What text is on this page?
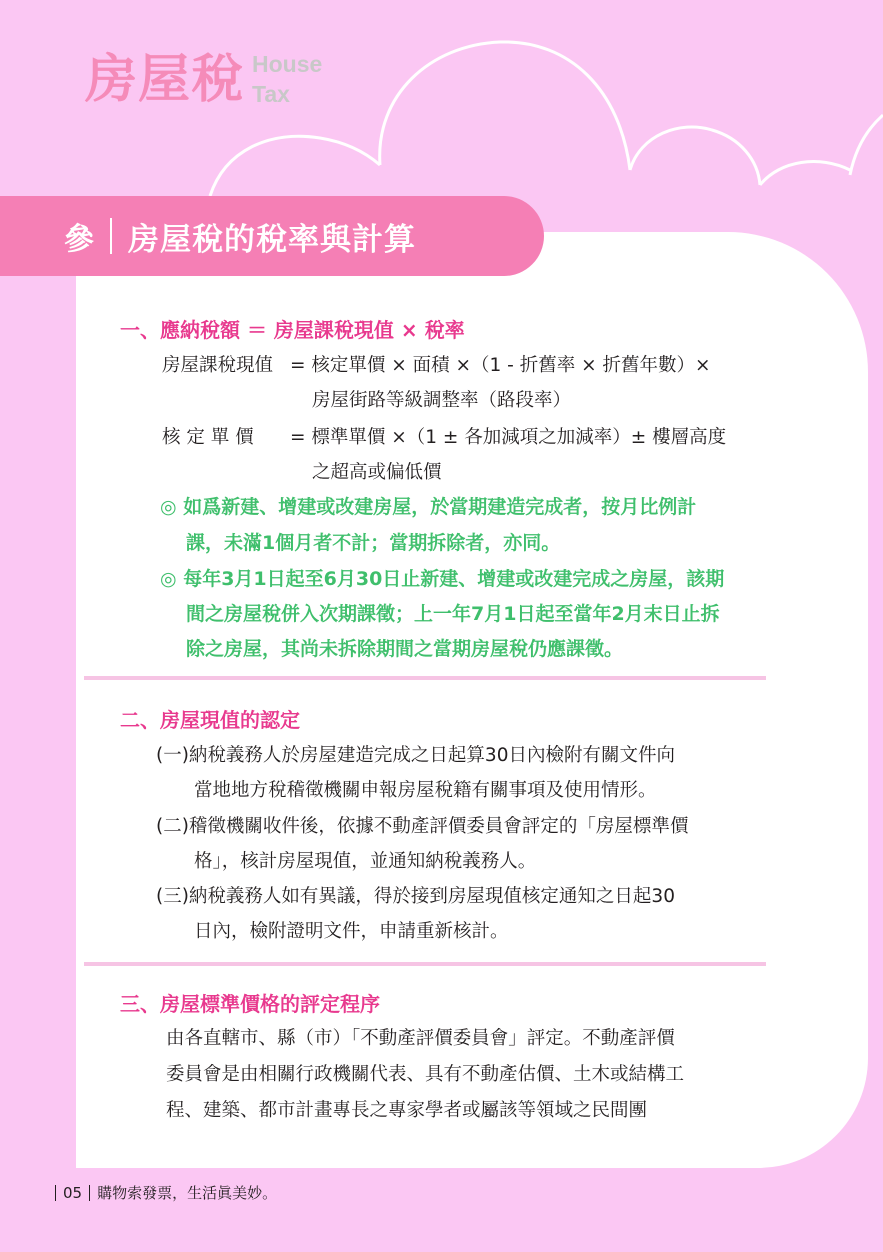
房屋稅 House
Tax
參 房屋稅的稅率與計算
一、應納稅額 ＝ 房屋課稅現值 × 稅率
房屋課稅現值 = 核定單價 × 面積 ×（1 - 折舊率 × 折舊年數）×
房屋街路等級調整率（路段率）
核 定 單 價 = 標準單價 ×（1 ± 各加減項之加減率）± 樓層高度
之超高或偏低價
◎ 如爲新建、增建或改建房屋，於當期建造完成者，按月比例計
課，未滿1個月者不計；當期拆除者，亦同。
◎ 每年3月1日起至6月30日止新建、增建或改建完成之房屋，該期
間之房屋稅併入次期課徵；上一年7月1日起至當年2月末日止拆
除之房屋，其尚未拆除期間之當期房屋稅仍應課徵。
二、房屋現值的認定
(一)納稅義務人於房屋建造完成之日起算30日內檢附有關文件向
當地地方稅稽徵機關申報房屋稅籍有關事項及使用情形。
(二)稽徵機關收件後，依據不動產評價委員會評定的「房屋標準價
格」，核計房屋現值，並通知納稅義務人。
(三)納稅義務人如有異議，得於接到房屋現值核定通知之日起30
日內，檢附證明文件，申請重新核計。
三、房屋標準價格的評定程序
由各直轄市、縣（市）「不動產評價委員會」評定。不動產評價
委員會是由相關行政機關代表、具有不動產估價、土木或結構工
程、建築、都市計畫專長之專家學者或屬該等領域之民間團
05 購物索發票，生活眞美妙。
